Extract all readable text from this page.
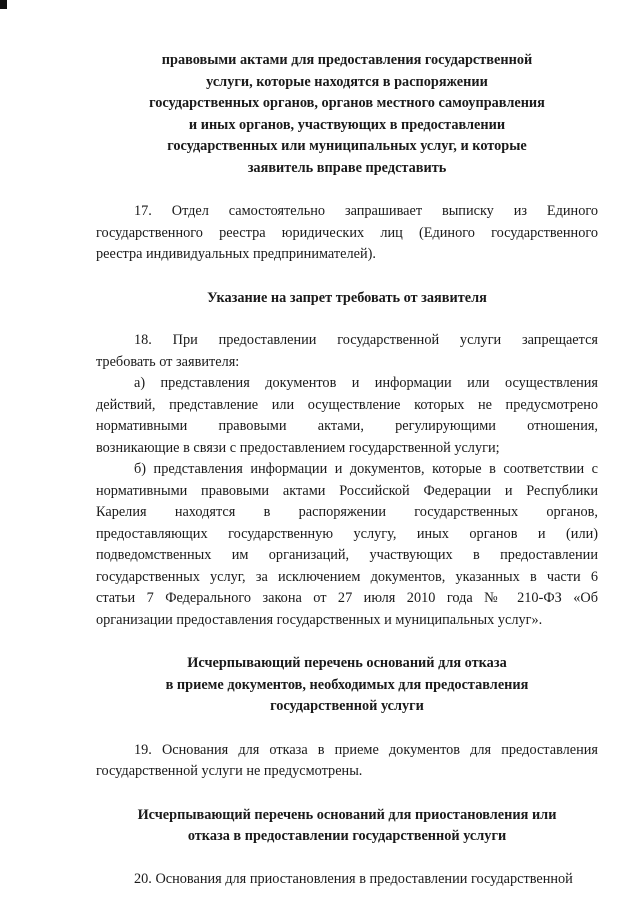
правовыми актами для предоставления государственной
услуги, которые находятся в распоряжении
государственных органов, органов местного самоуправления
и иных органов, участвующих в предоставлении
государственных или муниципальных услуг, и которые
заявитель вправе представить
17. Отдел самостоятельно запрашивает выписку из Единого
государственного реестра юридических лиц (Единого государственного
реестра индивидуальных предпринимателей).
Указание на запрет требовать от заявителя
18. При предоставлении государственной услуги запрещается
требовать от заявителя:
а) представления документов и информации или осуществления
действий, представление или осуществление которых не предусмотрено
нормативными правовыми актами, регулирующими отношения,
возникающие в связи с предоставлением государственной услуги;
б) представления информации и документов, которые в соответствии с
нормативными правовыми актами Российской Федерации и Республики
Карелия находятся в распоряжении государственных органов,
предоставляющих государственную услугу, иных органов и (или)
подведомственных им организаций, участвующих в предоставлении
государственных услуг, за исключением документов, указанных в части 6
статьи 7 Федерального закона от 27 июля 2010 года № 210-ФЗ «Об
организации предоставления государственных и муниципальных услуг».
Исчерпывающий перечень оснований для отказа
в приеме документов, необходимых для предоставления
государственной услуги
19. Основания для отказа в приеме документов для предоставления
государственной услуги не предусмотрены.
Исчерпывающий перечень оснований для приостановления или
отказа в предоставлении государственной услуги
20. Основания для приостановления в предоставлении государственной
